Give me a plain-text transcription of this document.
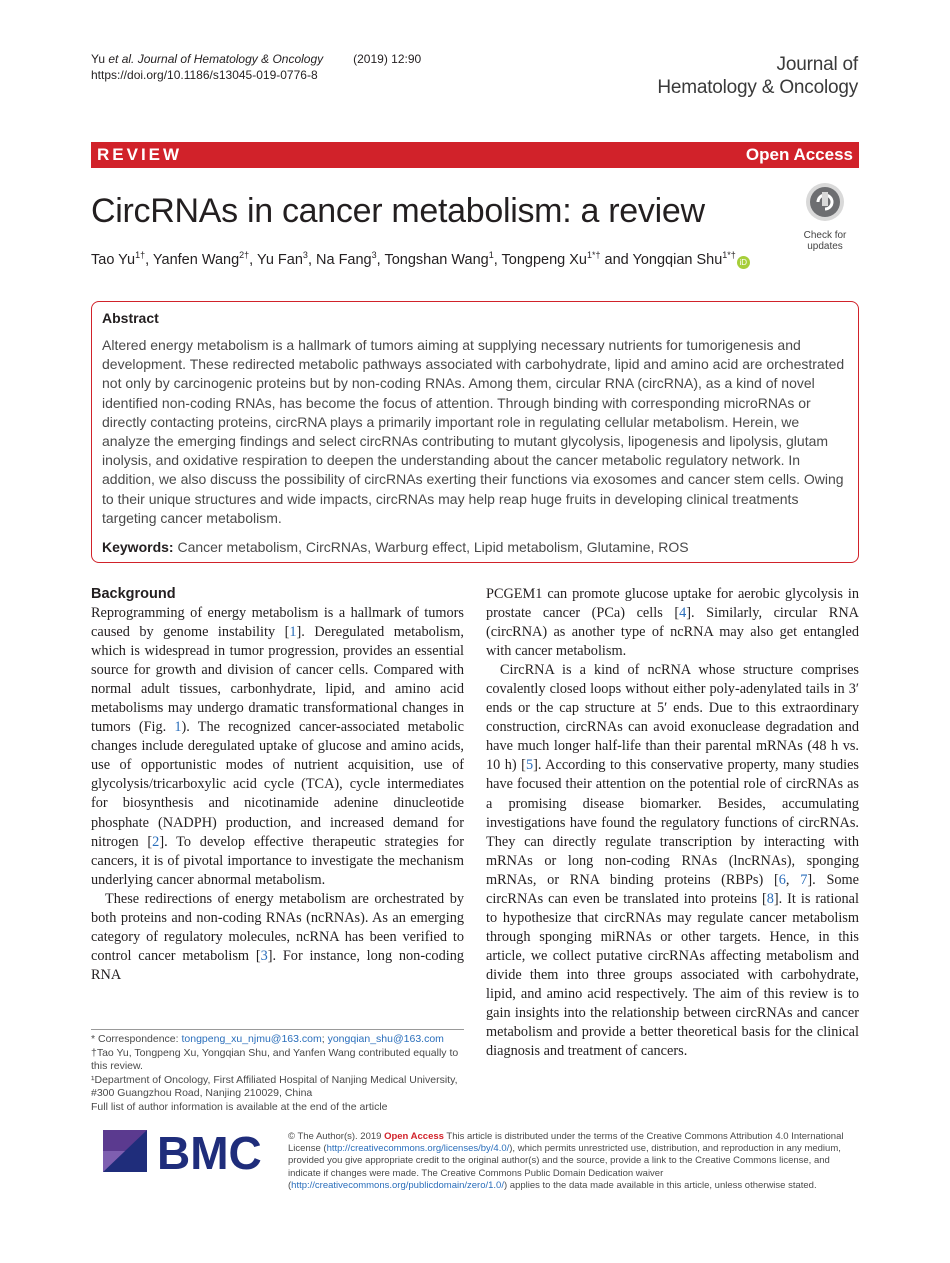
Yu et al. Journal of Hematology & Oncology	(2019) 12:90
https://doi.org/10.1186/s13045-019-0776-8	Journal of
Hematology & Oncology
REVIEW	Open Access
CircRNAs in cancer metabolism: a review
Check for
updates
Tao $Yu^{1\dagger}$, Yanfen Wang$^{2\dagger}$, Yu Fan$^3$, Na Fang$^3$, Tongshan Wang$^1$, Tongpeng $Xu^{1*\dagger}$ and Yongqian Shu$^{1*\dagger}$iD
Abstract
Altered energy metabolism is a hallmark of tumors aiming at supplying necessary nutrients for tumorigenesis and development. These redirected metabolic pathways associated with carbohydrate, lipid and amino acid are orchestrated not only by carcinogenic proteins but by non-coding RNAs. Among them, circular RNA (circRNA), as a kind of novel identified non-coding RNAs, has become the focus of attention. Through binding with corresponding microRNAs or directly contacting proteins, circRNA plays a primarily important role in regulating cellular metabolism. Herein, we analyze the emerging findings and select circRNAs contributing to mutant glycolysis, lipogenesis and lipolysis, glutam inolysis, and oxidative respiration to deepen the understanding about the cancer metabolic regulatory network. In addition, we also discuss the possibility of circRNAs exerting their functions via exosomes and cancer stem cells. Owing to their unique structures and wide impacts, circRNAs may help reap huge fruits in developing clinical treatments targeting cancer metabolism.
Keywords: Cancer metabolism, CircRNAs, Warburg effect, Lipid metabolism, Glutamine, ROS
Background

Reprogramming of energy metabolism is a hallmark of tumors caused by genome instability [1]. Deregulated metabolism, which is widespread in tumor progression, provides an essential source for growth and division of cancer cells. Compared with normal adult tissues, carbonhydrate, lipid, and amino acid metabolisms may undergo dramatic transformational changes in tumors (Fig. 1). The recognized cancer-associated metabolic changes include deregulated uptake of glucose and amino acids, use of opportunistic modes of nutrient acquisition, use of glycolysis/tricarboxylic acid cycle (TCA), cycle intermediates for biosynthesis and nicotinamide adenine dinucleotide phosphate (NADPH) production, and increased demand for nitrogen [2]. To develop effective therapeutic strategies for cancers, it is of pivotal importance to investigate the mechanism underlying cancer abnormal metabolism.

These redirections of energy metabolism are orchestrated by both proteins and non-coding RNAs (ncRNAs). As an emerging category of regulatory molecules, ncRNA has been verified to control cancer metabolism [3]. For instance, long non-coding RNA

PCGEM1 can promote glucose uptake for aerobic glycolysis in prostate cancer (PCa) cells [4]. Similarly, circular RNA (circRNA) as another type of ncRNA may also get entangled with cancer metabolism.

CircRNA is a kind of ncRNA whose structure comprises covalently closed loops without either poly-adenylated tails in 3′ ends or the cap structure at 5′ ends. Due to this extraordinary construction, circRNAs can avoid exonuclease degradation and have much longer half-life than their parental mRNAs (48 h vs. 10 h) [5]. According to this conservative property, many studies have focused their attention on the potential role of circRNAs as a promising disease biomarker. Besides, accumulating investigations have found the regulatory functions of circRNAs. They can directly regulate transcription by interacting with mRNAs or long non-coding RNAs (lncRNAs), sponging mRNAs, or RNA binding proteins (RBPs) [6, 7]. Some circRNAs can even be translated into proteins [8]. It is rational to hypothesize that circRNAs may regulate cancer metabolism through sponging miRNAs or other targets. Hence, in this article, we collect putative circRNAs affecting metabolism and divide them into three groups associated with carbohydrate, lipid, and amino acid respectively. The aim of this review is to gain insights into the relationship between circRNAs and cancer metabolism and provide a better theoretical basis for the clinical diagnosis and treatment of cancers.

* Correspondence: tongpeng_xu_njmu@163.com; yongqian_shu@163.com
†Tao Yu, Tongpeng Xu, Yongqian Shu, and Yanfen Wang contributed equally to this review.
¹Department of Oncology, First Affiliated Hospital of Nanjing Medical University, #300 Guangzhou Road, Nanjing 210029, China
Full list of author information is available at the end of the article
BMC	© The Author(s). 2019 Open Access This article is distributed under the terms of the Creative Commons Attribution 4.0 International License (http://creativecommons.org/licenses/by/4.0/), which permits unrestricted use, distribution, and reproduction in any medium, provided you give appropriate credit to the original author(s) and the source, provide a link to the Creative Commons license, and indicate if changes were made. The Creative Commons Public Domain Dedication waiver (http://creativecommons.org/publicdomain/zero/1.0/) applies to the data made available in this article, unless otherwise stated.
